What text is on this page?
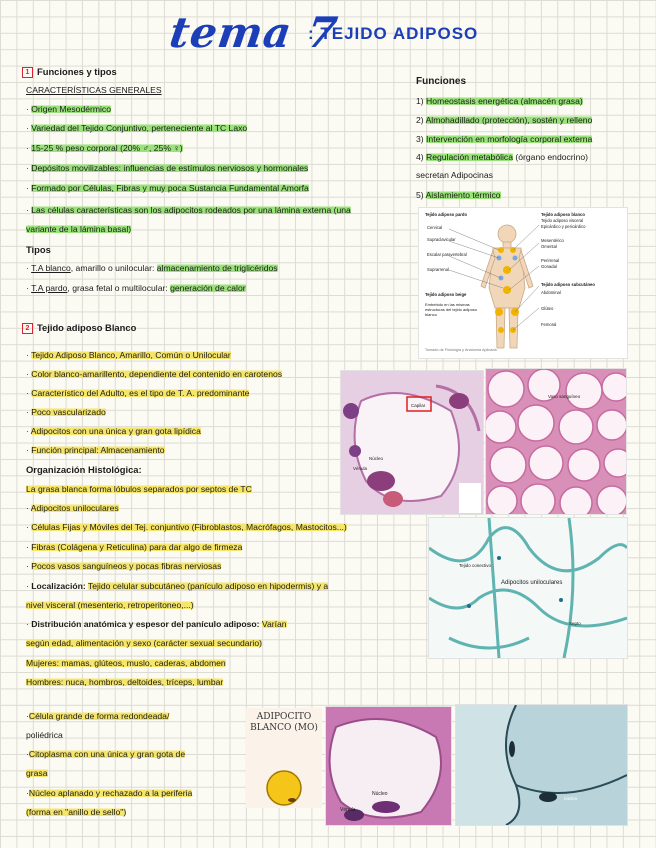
tema 7
: TEJIDO ADIPOSO
1 Funciones y tipos
CARACTERÍSTICAS GENERALES
· Origen Mesodérmico
· Variedad del Tejido Conjuntivo, perteneciente al TC Laxo
· 15-25 % peso corporal (20% ♂, 25% ♀)
· Depósitos movilizables: influencias de estímulos nerviosos y hormonales
· Formado por Células, Fibras y muy poca Sustancia Fundamental Amorfa
· Las células características son los adipocitos rodeados por una lámina externa (una
variante de la lámina basal)
Tipos
· T.A blanco, amarillo o unilocular: almacenamiento de triglicéridos
· T.A pardo, grasa fetal o multilocular: generación de calor
Funciones
1) Homeostasis energética (almacén grasa)
2) Almohadillado (protección), sostén y relleno
3) Intervención en morfología corporal externa
4) Regulación metabólica (órgano endocrino)
secretan Adipocinas
5) Aislamiento térmico
Tejido adiposo pardo
Cervical
Supraclavicular
Escalar paravertebral
Suprarrenal
Tejido adiposo beige
Embebido en las mismas estructuras del tejido adiposo blanco
Tejido adiposo blanco
Tejido adiposo visceral
Epicárdico y pericárdico
Mesentérico
Omental
Perirrenal
Gonadal
Tejido adiposo subcutáneo
Abdominal
Glúteo
Femoral
Tomado de Fisiología y Anatomía Aplicada
2 Tejido adiposo Blanco
· Tejido Adiposo Blanco, Amarillo, Común o Unilocular
· Color blanco-amarillento, dependiente del contenido en carotenos
· Característico del Adulto, es el tipo de T. A. predominante
· Poco vascularizado
· Adipocitos con una única y gran gota lipídica
· Función principal: Almacenamiento
Organización Histológica:
La grasa blanca forma lóbulos separados por septos de TC
· Adipocitos uniloculares
· Células Fijas y Móviles del Tej. conjuntivo (Fibroblastos, Macrófagos, Mastocitos...)
· Fibras (Colágena y Reticulina) para dar algo de firmeza
· Pocos vasos sanguíneos y pocas fibras nerviosas
· Localización: Tejido celular subcutáneo (panículo adiposo en hipodermis) y a
nivel visceral (mesenterio, retroperitoneo,...)
· Distribución anatómica y espesor del panículo adiposo: Varían
según edad, alimentación y sexo (carácter sexual secundario)
Mujeres: mamas, glúteos, muslo, caderas, abdomen
Hombres: nuca, hombros, deltoides, tríceps, lumbar
·Célula grande de forma redondeada/
poliédrica
·Citoplasma con una única y gran gota de
grasa
·Núcleo aplanado y rechazado a la periferia
(forma en "anillo de sello")
Capilar
Núcleo
Vénula
Vaso sanguíneo
Tejido conectivo
Adipocitos uniloculares
Septo
ADIPOCITO BLANCO (MO)
Núcleo
Vénula
núcleo
